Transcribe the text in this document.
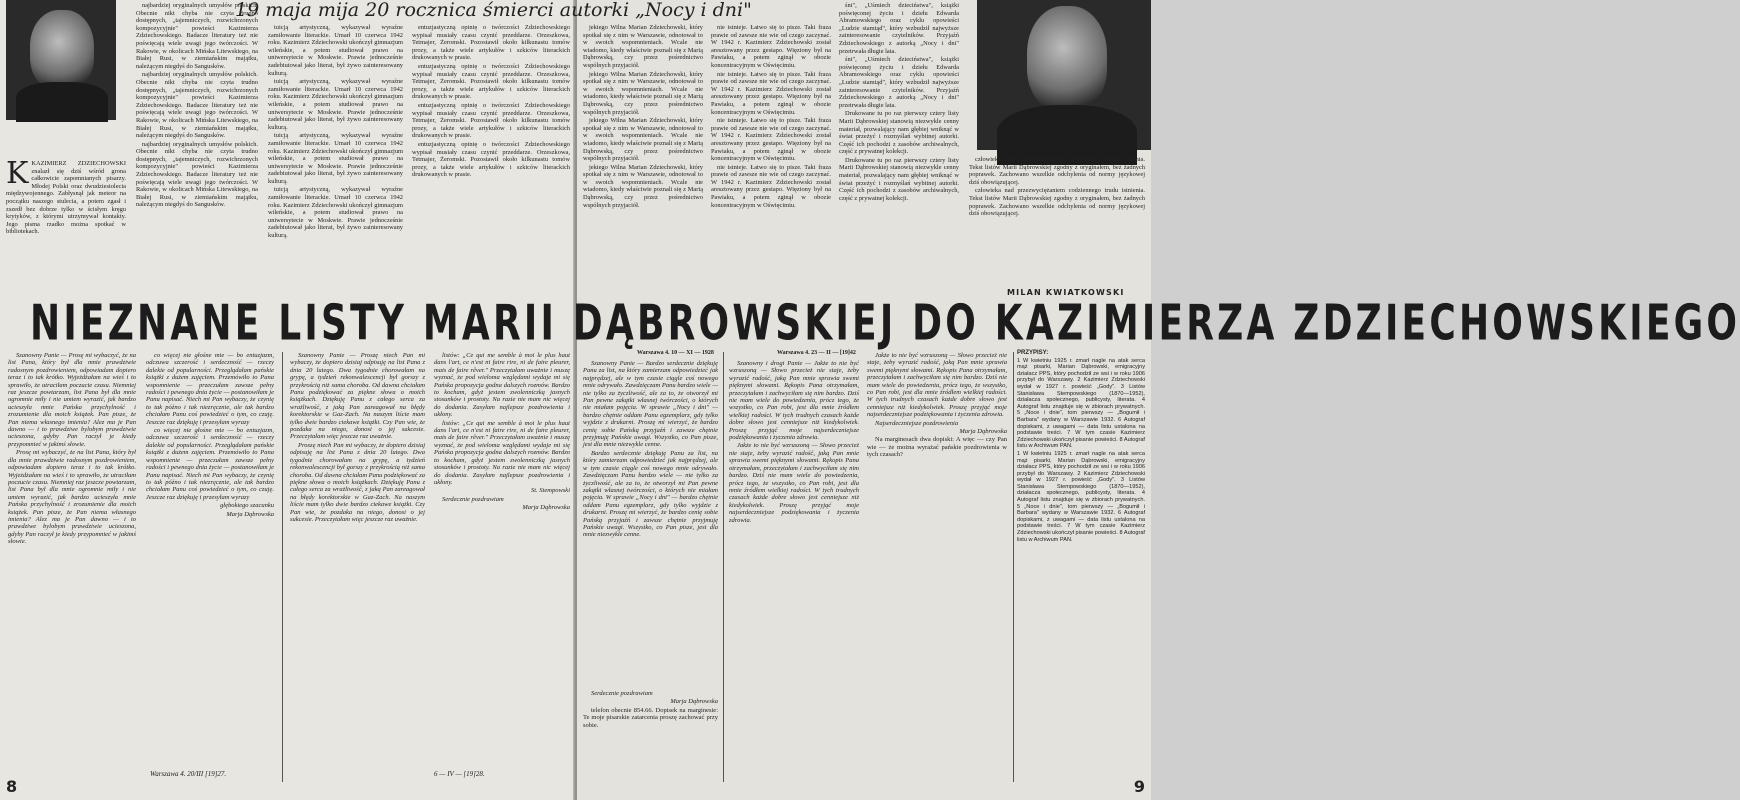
KKAZIMIERZ ZDZIECHOWSKI znalazł się dziś wśród grona całkowicie zapomnianych pisarzy. Młodej Polski oraz dwudziestolecia międzywojennego. Zabłysnął jak meteor na początku naszego stulecia, a potem zgasł i zszedł bez dobrze tylko w ścisłym kręgu krytyków, z którymi utrzymywał kontakty. Jego pisma rzadko można spotkać w bibliotekach.

najbardziej oryginalnych umysłów polskich. Obecnie nikt chyba nie czyta trudno dostępnych, „tajemniczych, rozwichrzonych kompozycyjnie" powieści Kazimierza Zdziechowskiego. Badacze literatury też nie poświęcają wiele uwagi jego twórczości. W Rakowie, w okolicach Mińska Litewskiego, na Białej Rusi, w ziemiańskim majątku, należącym niegdyś do Sangusków.

najbardziej oryginalnych umysłów polskich. Obecnie nikt chyba nie czyta trudno dostępnych, „tajemniczych, rozwichrzonych kompozycyjnie" powieści Kazimierza Zdziechowskiego. Badacze literatury też nie poświęcają wiele uwagi jego twórczości. W Rakowie, w okolicach Mińska Litewskiego, na Białej Rusi, w ziemiańskim majątku, należącym niegdyś do Sangusków.

najbardziej oryginalnych umysłów polskich. Obecnie nikt chyba nie czyta trudno dostępnych, „tajemniczych, rozwichrzonych kompozycyjnie" powieści Kazimierza Zdziechowskiego. Badacze literatury też nie poświęcają wiele uwagi jego twórczości. W Rakowie, w okolicach Mińska Litewskiego, na Białej Rusi, w ziemiańskim majątku, należącym niegdyś do Sangusków.

tuicją artystyczną, wykazywał wyraźne zamiłowanie literackie. Umarł 10 czerwca 1942 roku. Kazimierz Zdziechowski ukończył gimnazjum wileńskie, a potem studiował prawo na uniwersytecie w Moskwie. Prawie jednocześnie zadebiutował jako literat, był żywo zainteresowany kulturą.

tuicją artystyczną, wykazywał wyraźne zamiłowanie literackie. Umarł 10 czerwca 1942 roku. Kazimierz Zdziechowski ukończył gimnazjum wileńskie, a potem studiował prawo na uniwersytecie w Moskwie. Prawie jednocześnie zadebiutował jako literat, był żywo zainteresowany kulturą.

tuicją artystyczną, wykazywał wyraźne zamiłowanie literackie. Umarł 10 czerwca 1942 roku. Kazimierz Zdziechowski ukończył gimnazjum wileńskie, a potem studiował prawo na uniwersytecie w Moskwie. Prawie jednocześnie zadebiutował jako literat, był żywo zainteresowany kulturą.

tuicją artystyczną, wykazywał wyraźne zamiłowanie literackie. Umarł 10 czerwca 1942 roku. Kazimierz Zdziechowski ukończył gimnazjum wileńskie, a potem studiował prawo na uniwersytecie w Moskwie. Prawie jednocześnie zadebiutował jako literat, był żywo zainteresowany kulturą.

entuzjastyczną opinię o twórczości Zdziechowskiego wypisał musiały czasu czynić przeddarze. Orzeszkowa, Tetmajer, Żeromski. Pozostawił około kilkunastu tomów prozy, a także wiele artykułów i szkiców literackich drukowanych w prasie.

entuzjastyczną opinię o twórczości Zdziechowskiego wypisał musiały czasu czynić przeddarze. Orzeszkowa, Tetmajer, Żeromski. Pozostawił około kilkunastu tomów prozy, a także wiele artykułów i szkiców literackich drukowanych w prasie.

entuzjastyczną opinię o twórczości Zdziechowskiego wypisał musiały czasu czynić przeddarze. Orzeszkowa, Tetmajer, Żeromski. Pozostawił około kilkunastu tomów prozy, a także wiele artykułów i szkiców literackich drukowanych w prasie.

entuzjastyczną opinię o twórczości Zdziechowskiego wypisał musiały czasu czynić przeddarze. Orzeszkowa, Tetmajer, Żeromski. Pozostawił około kilkunastu tomów prozy, a także wiele artykułów i szkiców literackich drukowanych w prasie.

Szanowny Panie — Prosę mi wybaczyć, że na list Pana, który był dla mnie prawdziwie radosnym pozdrowieniem, odpowiadam dopiero teraz i to tak krótko. Wyjeżdżałam na wieś i to sprawiło, że utraciłam poczucie czasu. Niemniej raz jeszcze powtarzam, list Pana był dla mnie ogromnie miły i nie umiem wyrazić, jak bardzo ucieszyła mnie Pańska przychylność i zrozumienie dla moich książek. Pan pisze, że Pan niema własnego imienia? Alez ma je Pan dawno — i to prawdziwe bylobym prawdziwie ucieszona, gdyby Pan raczył je kiedy przypomnieć w jakimś słowie.

Prosę mi wybaczyć, że na list Pana, który był dla mnie prawdziwie radosnym pozdrowieniem, odpowiadam dopiero teraz i to tak krótko. Wyjeżdżałam na wieś i to sprawiło, że utraciłam poczucie czasu. Niemniej raz jeszcze powtarzam, list Pana był dla mnie ogromnie miły i nie umiem wyrazić, jak bardzo ucieszyła mnie Pańska przychylność i zrozumienie dla moich książek. Pan pisze, że Pan niema własnego imienia? Alez ma je Pan dawno — i to prawdziwe bylobym prawdziwie ucieszona, gdyby Pan raczył je kiedy przypomnieć w jakimś słowie.

co więcej nie głośne mie — bo entuzjazm, odczuwa szczerość i serdeczność — rzeczy dalekie od popularności. Przeglądałam pańskie książki z dużem zajęciem. Przemówiło to Pana wspomnienie — przeczułam zawsze pełny radości i pewnego dnia życie — postanowiłam je Panu napisać. Niech mi Pan wybaczy, że czynię to tak późno i tak niezręcznie, ale tak bardzo chciałam Panu coś powiedzieć o tym, co czuję. Jeszcze raz dziękuję i przesyłam wyrazy

co więcej nie głośne mie — bo entuzjazm, odczuwa szczerość i serdeczność — rzeczy dalekie od popularności. Przeglądałam pańskie książki z dużem zajęciem. Przemówiło to Pana wspomnienie — przeczułam zawsze pełny radości i pewnego dnia życie — postanowiłam je Panu napisać. Niech mi Pan wybaczy, że czynię to tak późno i tak niezręcznie, ale tak bardzo chciałam Panu coś powiedzieć o tym, co czuję. Jeszcze raz dziękuję i przesyłam wyrazy

głębokiego szacunku

Marja Dąbrowska

Warszawa 4. 20/III [19]27.

Szanowny Panie — Proszę niech Pan mi wybaczy, że dopiero dzisiaj odpisuję na list Pana z dnia 20 lutego. Dwa tygodnie chorowałam na grypę, a tydzień rekonwalescencji był gorszy z przykrością niż sama choroba. Od dawna chciałam Panu podziękować za piękne słowa o moich książkach. Dziękuję Panu z całego serca za wrażliwość, z jaką Pan zareagował na błędy korektorskie w Gaz-Zach. Na naszym liście mam tylko dwie bardzo ciekawe książki. Czy Pan wie, że pozdaka na niego, donosi o jej sukcesie. Przeczytałam więc jeszcze raz uważnie.

Proszę niech Pan mi wybaczy, że dopiero dzisiaj odpisuję na list Pana z dnia 20 lutego. Dwa tygodnie chorowałam na grypę, a tydzień rekonwalescencji był gorszy z przykrością niż sama choroba. Od dawna chciałam Panu podziękować za piękne słowa o moich książkach. Dziękuję Panu z całego serca za wrażliwość, z jaką Pan zareagował na błędy korektorskie w Gaz-Zach. Na naszym liście mam tylko dwie bardzo ciekawe książki. Czy Pan wie, że pozdaka na niego, donosi o jej sukcesie. Przeczytałam więc jeszcze raz uważnie.

listów: „Ce qui me semble à moi le plus haut dans l'art, ce n'est ni faire rire, ni de faire pleurer, mais de faire rêver." Przeczytałam uważnie i muszę wyznać, że pod wieloma względami wydaje mi się Pańska propozycja godna dalszych rozmów. Bardzo to kocham, gdyż jestem zwolenniczką jasnych stosunków i prostoty. Na razie nie mam nic więcej do dodania. Zasyłam najlepsze pozdrowienia i ukłony.

listów: „Ce qui me semble à moi le plus haut dans l'art, ce n'est ni faire rire, ni de faire pleurer, mais de faire rêver." Przeczytałam uważnie i muszę wyznać, że pod wieloma względami wydaje mi się Pańska propozycja godna dalszych rozmów. Bardzo to kocham, gdyż jestem zwolenniczką jasnych stosunków i prostoty. Na razie nie mam nic więcej do dodania. Zasyłam najlepsze pozdrowienia i ukłony.

St. Stempowski

Serdecznie pozdrawiam

Marja Dąbrowska

6 — IV — [19]28.
8

jekiego Wilna Marian Zdziechowski, który spotkał się z nim w Warszawie, odnotował to w swoich wspomnieniach. Wcale nie wiadomo, kiedy właściwie poznali się z Marią Dąbrowską, czy przez pośrednictwo wspólnych przyjaciół.

jekiego Wilna Marian Zdziechowski, który spotkał się z nim w Warszawie, odnotował to w swoich wspomnieniach. Wcale nie wiadomo, kiedy właściwie poznali się z Marią Dąbrowską, czy przez pośrednictwo wspólnych przyjaciół.

jekiego Wilna Marian Zdziechowski, który spotkał się z nim w Warszawie, odnotował to w swoich wspomnieniach. Wcale nie wiadomo, kiedy właściwie poznali się z Marią Dąbrowską, czy przez pośrednictwo wspólnych przyjaciół.

jekiego Wilna Marian Zdziechowski, który spotkał się z nim w Warszawie, odnotował to w swoich wspomnieniach. Wcale nie wiadomo, kiedy właściwie poznali się z Marią Dąbrowską, czy przez pośrednictwo wspólnych przyjaciół.

nie istnieje. Łatwo się to pisze. Taki fraza prawie od zawsze nie wie od czego zaczynać. W 1942 r. Kazimierz Zdziechowski został aresztowany przez gestapo. Więziony był na Pawiaku, a potem zginął w obozie koncentracyjnym w Oświęcimiu.

nie istnieje. Łatwo się to pisze. Taki fraza prawie od zawsze nie wie od czego zaczynać. W 1942 r. Kazimierz Zdziechowski został aresztowany przez gestapo. Więziony był na Pawiaku, a potem zginął w obozie koncentracyjnym w Oświęcimiu.

nie istnieje. Łatwo się to pisze. Taki fraza prawie od zawsze nie wie od czego zaczynać. W 1942 r. Kazimierz Zdziechowski został aresztowany przez gestapo. Więziony był na Pawiaku, a potem zginął w obozie koncentracyjnym w Oświęcimiu.

nie istnieje. Łatwo się to pisze. Taki fraza prawie od zawsze nie wie od czego zaczynać. W 1942 r. Kazimierz Zdziechowski został aresztowany przez gestapo. Więziony był na Pawiaku, a potem zginął w obozie koncentracyjnym w Oświęcimiu.

śni", „Uśmiech dzieciństwa", książki poświęconej życiu i dziełu Edwarda Abramowskiego oraz cyklu opowieści „Ludzie stamtąd", który wzbudził najwyższe zainteresowanie czytelników. Przyjaźń Zdziechowskiego z autorką „Nocy i dni" przetrwała długie lata.

śni", „Uśmiech dzieciństwa", książki poświęconej życiu i dziełu Edwarda Abramowskiego oraz cyklu opowieści „Ludzie stamtąd", który wzbudził najwyższe zainteresowanie czytelników. Przyjaźń Zdziechowskiego z autorką „Nocy i dni" przetrwała długie lata.

Drukowane tu po raz pierwszy cztery listy Marii Dąbrowskiej stanowią niezwykle cenny materiał, pozwalający nam głębiej wniknąć w świat przeżyć i rozmyślań wybitnej autorki. Część ich pochodzi z zasobów archiwalnych, część z prywatnej kolekcji.

Drukowane tu po raz pierwszy cztery listy Marii Dąbrowskiej stanowią niezwykle cenny materiał, pozwalający nam głębiej wniknąć w świat przeżyć i rozmyślań wybitnej autorki. Część ich pochodzi z zasobów archiwalnych, część z prywatnej kolekcji.

człowieka nad przezwyciężaniem codziennego trudu istnienia. Tekst listów Marii Dąbrowskiej zgodny z oryginałem, bez żadnych poprawek. Zachowano wszelkie odchylenia od normy językowej dziś obowiązującej.

człowieka nad przezwyciężaniem codziennego trudu istnienia. Tekst listów Marii Dąbrowskiej zgodny z oryginałem, bez żadnych poprawek. Zachowano wszelkie odchylenia od normy językowej dziś obowiązującej.

MILAN KWIATKOWSKI
Warszawa 4. 10 — XI — 1928

Szanowny Panie — Bardzo serdecznie dziękuję Panu za list, na który zamierzam odpowiedzieć jak najprędzej, ale w tym czasie ciągle coś nowego mnie odrywało. Zawdzięczam Panu bardzo wiele — nie tylko za życzliwość, ale za to, że otworzył mi Pan pewne zakątki własnej twórczości, o których nie miałam pojęcia. W sprawie „Nocy i dni" — bardzo chętnie oddam Panu egzemplarz, gdy tylko wyjdzie z drukarni. Proszę mi wierzyć, że bardzo cenię sobie Pańską przyjaźń i zawsze chętnie przyjmuję Pańskie uwagi. Wszystko, co Pan pisze, jest dla mnie niezwykle cenne.

Bardzo serdecznie dziękuję Panu za list, na który zamierzam odpowiedzieć jak najprędzej, ale w tym czasie ciągle coś nowego mnie odrywało. Zawdzięczam Panu bardzo wiele — nie tylko za życzliwość, ale za to, że otworzył mi Pan pewne zakątki własnej twórczości, o których nie miałam pojęcia. W sprawie „Nocy i dni" — bardzo chętnie oddam Panu egzemplarz, gdy tylko wyjdzie z drukarni. Proszę mi wierzyć, że bardzo cenię sobie Pańską przyjaźń i zawsze chętnie przyjmuję Pańskie uwagi. Wszystko, co Pan pisze, jest dla mnie niezwykle cenne.

Serdecznie pozdrawiam

Marja Dąbrowska

telefon obecnie 854.66. Dopisek na marginesie: Te moje pisarskie zatarcenia proszę zachować przy sobie.

Warszawa 4. 23 — II — [19]42

Szanowny i drogi Panie — Jakże to nie być wzruszoną — Słowo przecież nie staje, żeby wyrazić radość, jaką Pan mnie sprawia swemi pięknymi słowami. Rękopis Pana otrzymałam, przeczytałam i zachwyciłam się nim bardzo. Dziś nie mam wiele do powiedzenia, prócz tego, że wszystko, co Pan robi, jest dla mnie źródłem wielkiej radości. W tych trudnych czasach każde dobre słowo jest cenniejsze niż kiedykolwiek. Proszę przyjąć moje najserdeczniejsze podziękowania i życzenia zdrowia.

Jakże to nie być wzruszoną — Słowo przecież nie staje, żeby wyrazić radość, jaką Pan mnie sprawia swemi pięknymi słowami. Rękopis Pana otrzymałam, przeczytałam i zachwyciłam się nim bardzo. Dziś nie mam wiele do powiedzenia, prócz tego, że wszystko, co Pan robi, jest dla mnie źródłem wielkiej radości. W tych trudnych czasach każde dobre słowo jest cenniejsze niż kiedykolwiek. Proszę przyjąć moje najserdeczniejsze podziękowania i życzenia zdrowia.

Jakże to nie być wzruszoną — Słowo przecież nie staje, żeby wyrazić radość, jaką Pan mnie sprawia swemi pięknymi słowami. Rękopis Pana otrzymałam, przeczytałam i zachwyciłam się nim bardzo. Dziś nie mam wiele do powiedzenia, prócz tego, że wszystko, co Pan robi, jest dla mnie źródłem wielkiej radości. W tych trudnych czasach każde dobre słowo jest cenniejsze niż kiedykolwiek. Proszę przyjąć moje najserdeczniejsze podziękowania i życzenia zdrowia.

Najserdeczniejsze pozdrowienia

Marja Dąbrowska

Na marginesach dwa dopiski: A więc — czy Pan wie — że można wyrażać pańskie pozdrowienia w tych czasach?

PRZYPISY:

1 W kwietniu 1925 r. zmarł nagle na atak serca mąż pisarki, Marian Dąbrowski, emigracyjny działacz PPS, który pochodził ze wsi i w roku 1906 przybył do Warszawy. 2 Kazimierz Zdziechowski wydał w 1927 r. powieść „Gody". 3 Listów Stanisława Stempowskiego (1870—1952), działacza społecznego, publicysty, literata. 4 Autograf listu znajduje się w zbiorach prywatnych. 5 „Noce i dnie", tom pierwszy — „Bogumił i Barbara" wydany w Warszawie 1932. 6 Autograf dopiskami, z uwagami — data listu ustalona na podstawie treści. 7 W tym czasie Kazimierz Zdziechowski ukończył pisanie powieści. 8 Autograf listu w Archiwum PAN.

1 W kwietniu 1925 r. zmarł nagle na atak serca mąż pisarki, Marian Dąbrowski, emigracyjny działacz PPS, który pochodził ze wsi i w roku 1906 przybył do Warszawy. 2 Kazimierz Zdziechowski wydał w 1927 r. powieść „Gody". 3 Listów Stanisława Stempowskiego (1870—1952), działacza społecznego, publicysty, literata. 4 Autograf listu znajduje się w zbiorach prywatnych. 5 „Noce i dnie", tom pierwszy — „Bogumił i Barbara" wydany w Warszawie 1932. 6 Autograf dopiskami, z uwagami — data listu ustalona na podstawie treści. 7 W tym czasie Kazimierz Zdziechowski ukończył pisanie powieści. 8 Autograf listu w Archiwum PAN.

9
19 maja mija 20 rocznica śmierci autorki „Nocy i dni"
NIEZNANE LISTY MARII DĄBROWSKIEJ DO KAZIMIERZA ZDZIECHOWSKIEGO
